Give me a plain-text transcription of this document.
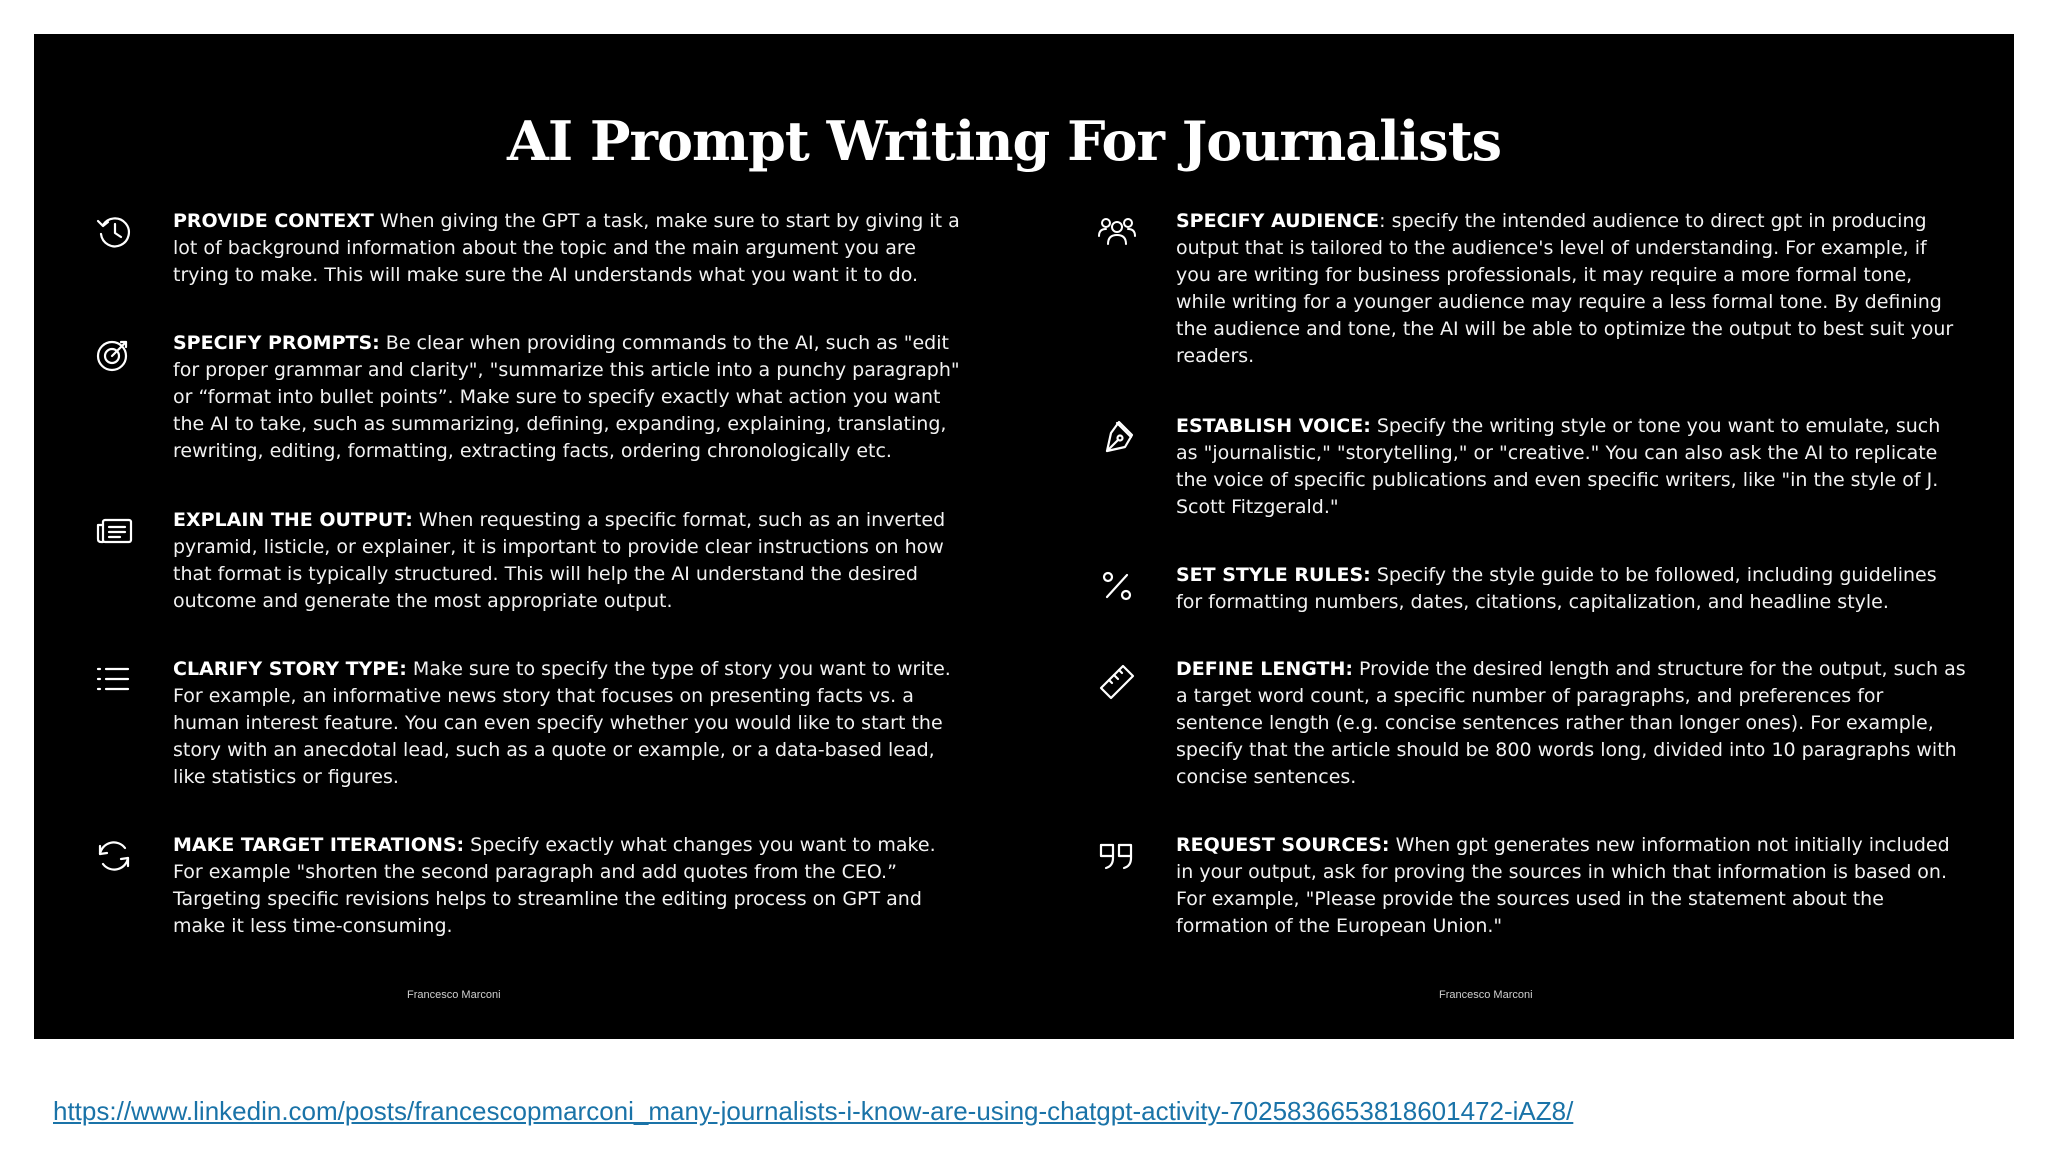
AI Prompt Writing For Journalists

PROVIDE CONTEXT When giving the GPT a task, make sure to start by giving it a lot of background information about the topic and the main argument you are trying to make. This will make sure the AI understands what you want it to do.

SPECIFY PROMPTS: Be clear when providing commands to the AI, such as "edit for proper grammar and clarity", "summarize this article into a punchy paragraph" or “format into bullet points”. Make sure to specify exactly what action you want the AI to take, such as summarizing, defining, expanding, explaining, translating, rewriting, editing, formatting, extracting facts, ordering chronologically etc.

EXPLAIN THE OUTPUT: When requesting a specific format, such as an inverted pyramid, listicle, or explainer, it is important to provide clear instructions on how that format is typically structured. This will help the AI understand the desired outcome and generate the most appropriate output.

CLARIFY STORY TYPE: Make sure to specify the type of story you want to write. For example, an informative news story that focuses on presenting facts vs. a human interest feature. You can even specify whether you would like to start the story with an anecdotal lead, such as a quote or example, or a data-based lead, like statistics or figures.

MAKE TARGET ITERATIONS: Specify exactly what changes you want to make. For example "shorten the second paragraph and add quotes from the CEO.” Targeting specific revisions helps to streamline the editing process on GPT and make it less time-consuming.

SPECIFY AUDIENCE: specify the intended audience to direct gpt in producing output that is tailored to the audience's level of understanding. For example, if you are writing for business professionals, it may require a more formal tone, while writing for a younger audience may require a less formal tone. By defining the audience and tone, the AI will be able to optimize the output to best suit your readers.

ESTABLISH VOICE: Specify the writing style or tone you want to emulate, such as "journalistic," "storytelling," or "creative." You can also ask the AI to replicate the voice of specific publications and even specific writers, like "in the style of J. Scott Fitzgerald."

SET STYLE RULES: Specify the style guide to be followed, including guidelines for formatting numbers, dates, citations, capitalization, and headline style.

DEFINE LENGTH: Provide the desired length and structure for the output, such as a target word count, a specific number of paragraphs, and preferences for sentence length (e.g. concise sentences rather than longer ones). For example, specify that the article should be 800 words long, divided into 10 paragraphs with concise sentences.

REQUEST SOURCES: When gpt generates new information not initially included in your output, ask for proving the sources in which that information is based on. For example, "Please provide the sources used in the statement about the formation of the European Union."

Francesco Marconi	Francesco Marconi
https://www.linkedin.com/posts/francescopmarconi_many-journalists-i-know-are-using-chatgpt-activity-7025836653818601472-iAZ8/
